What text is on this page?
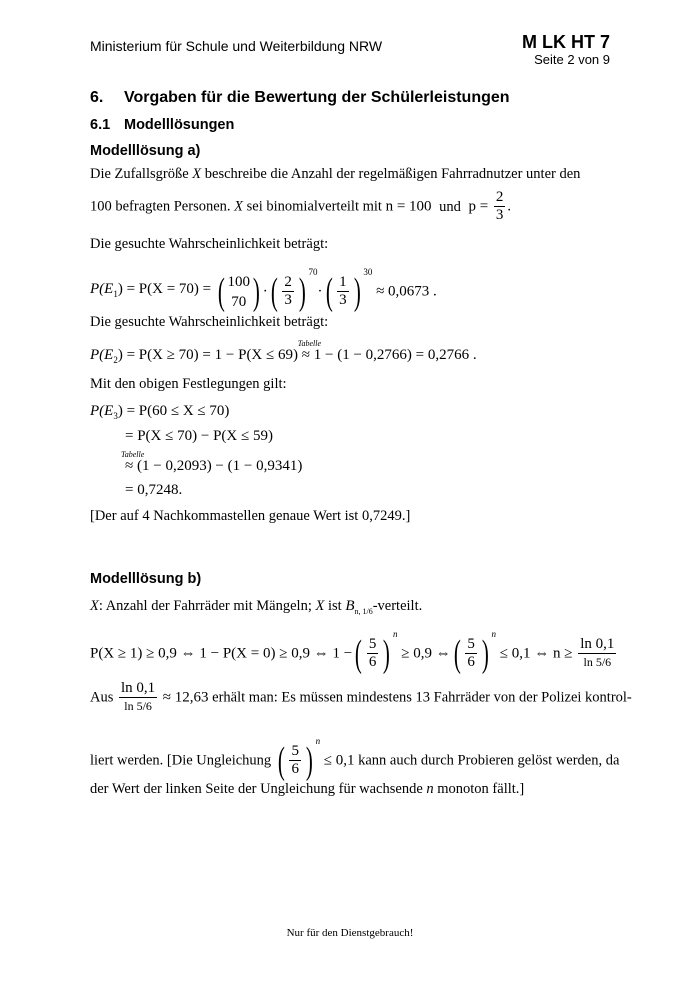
Ministerium für Schule und Weiterbildung NRW	M LK HT 7
Seite 2 von 9
6. Vorgaben für die Bewertung der Schülerleistungen
6.1 Modelllösungen
Modelllösung a)
Die Zufallsgröße X beschreibe die Anzahl der regelmäßigen Fahrradnutzer unter den
100 befragten Personen. X sei binomialverteilt mit n = 100 und $p = \frac{2}{3}$ .
Die gesuchte Wahrscheinlichkeit beträgt:
$P(E_1) = P(X = 70)$ = ( 100
70 ) ·( $\frac{2}{3}$ ) $^{70}\cdot( \frac{1}{3}$ ) $^{30}$ ≈ 0,0673 .
Die gesuchte Wahrscheinlichkeit beträgt:
$P(E_2) = P(X \ge 70) = 1 - P(X \le 69)$
Tabelle
≈ 1 − (1 − 0,2766) = 0,2766 .
Mit den obigen Festlegungen gilt:
$P(E_3) = P(60 \le X \le 70)$
= P(X ≤ 70) − P(X ≤ 59)
Tabelle
≈ (1 − 0,2093) − (1 − 0,9341)
= 0,7248.
[Der auf 4 Nachkommastellen genaue Wert ist 0,7249.]
Modelllösung b)
X: Anzahl der Fahrräder mit Mängeln; X ist $B_{n, 1/6}$-verteilt.
P(X ≥ 1) ≥ 0,9 ⇔ 1 − P(X = 0) ≥ 0,9 ⇔ 1 −( $\frac{5}{6}$ ) $^n$ ≥ 0,9 ⇔( $\frac{5}{6}$ ) $^n$ ≤ 0,1 ⇔ $n \ge \frac{\ln 0,1}{\ln 5/6}$
Aus $\frac{\ln 0,1}{\ln 5/6} \approx 12,63$ erhält man: Es müssen mindestens 13 Fahrräder von der Polizei kontrol-
liert werden. [Die Ungleichung ( $\frac{5}{6}$ ) $^n$ ≤ 0,1 kann auch durch Probieren gelöst werden, da
der Wert der linken Seite der Ungleichung für wachsende n monoton fällt.]
Nur für den Dienstgebrauch!
